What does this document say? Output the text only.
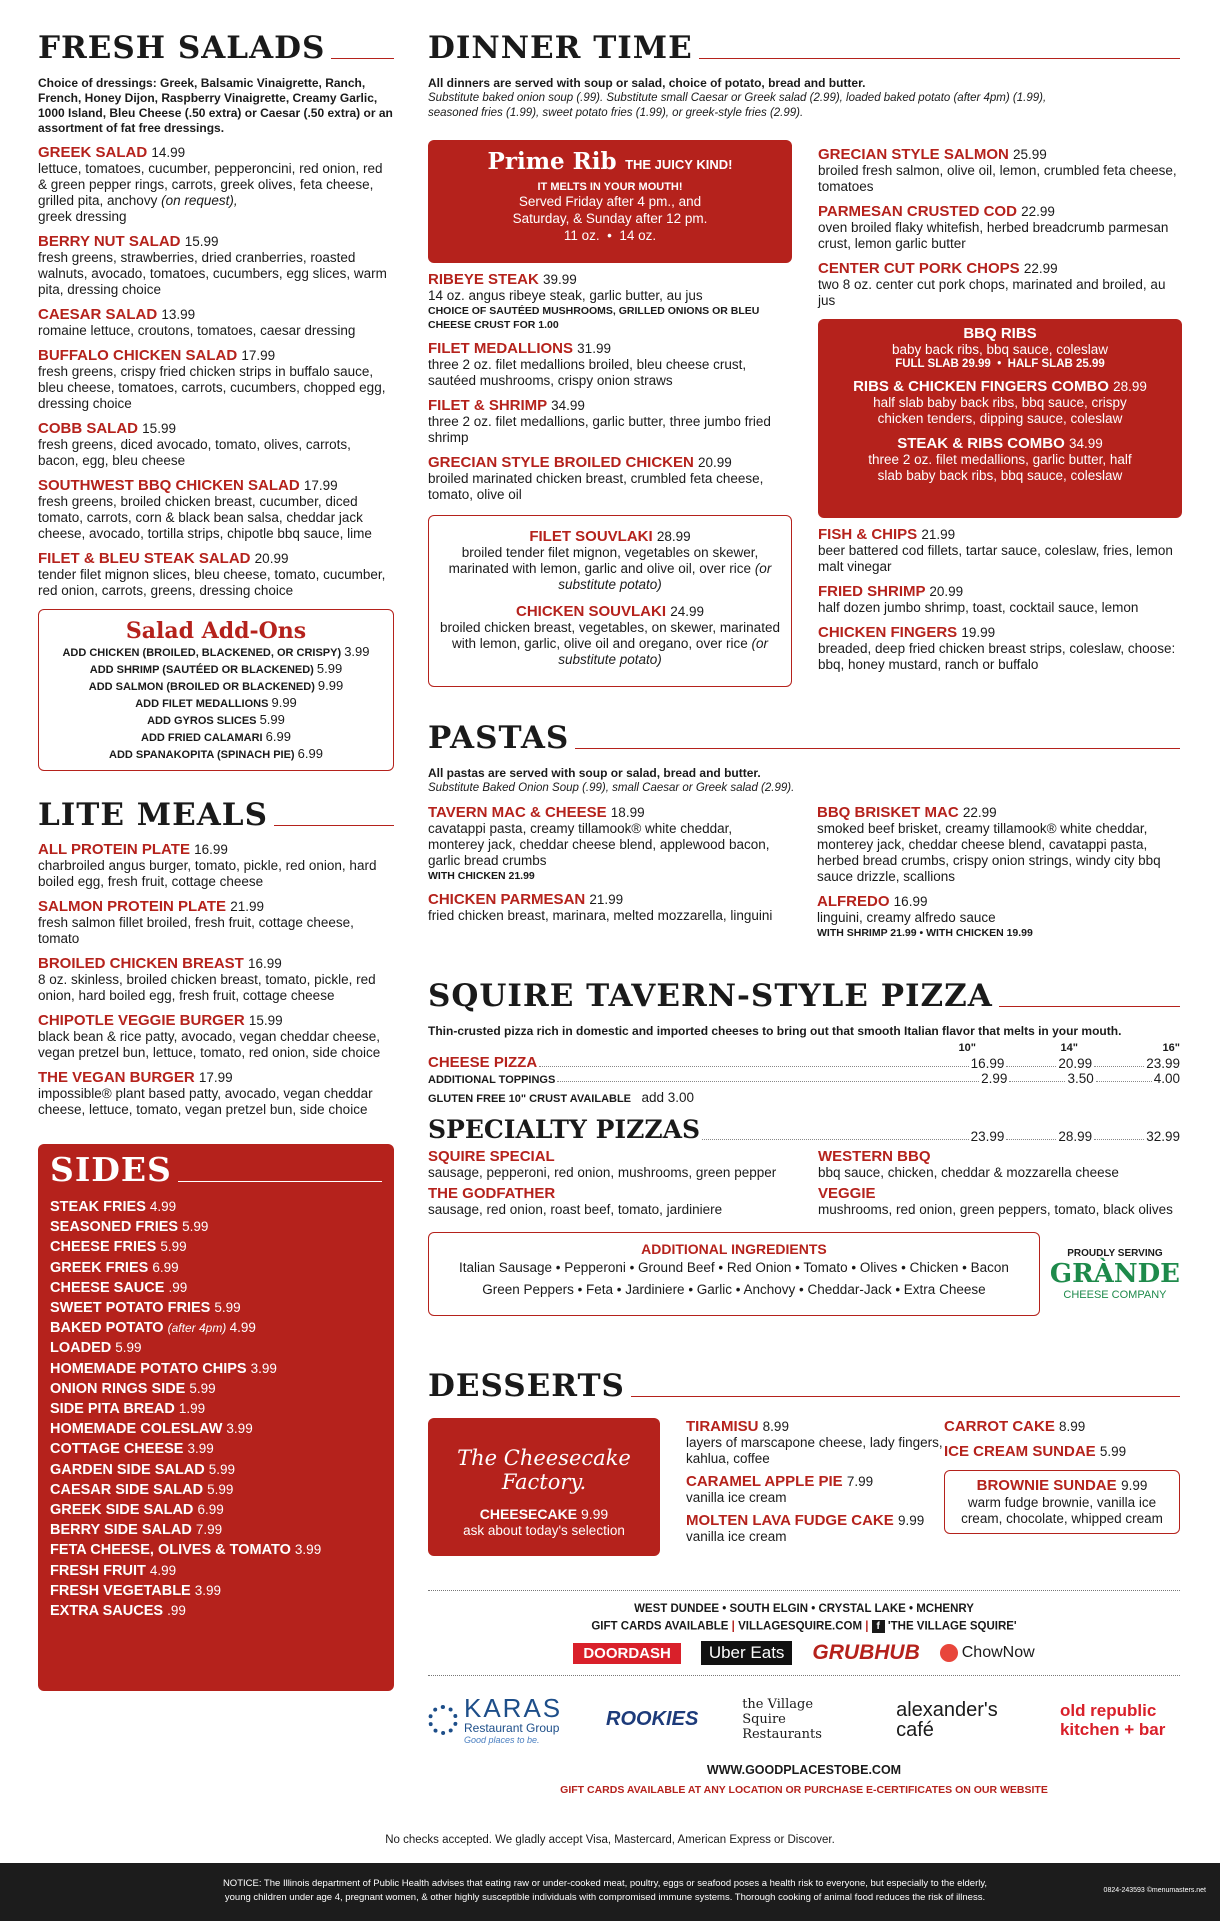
FRESH SALADS
Choice of dressings: Greek, Balsamic Vinaigrette, Ranch, French, Honey Dijon, Raspberry Vinaigrette, Creamy Garlic, 1000 Island, Bleu Cheese (.50 extra) or Caesar (.50 extra) or an assortment of fat free dressings.
GREEK SALAD 14.99
lettuce, tomatoes, cucumber, pepperoncini, red onion, red & green pepper rings, carrots, greek olives, feta cheese, grilled pita, anchovy (on request),
greek dressing
BERRY NUT SALAD 15.99
fresh greens, strawberries, dried cranberries, roasted walnuts, avocado, tomatoes, cucumbers, egg slices, warm pita, dressing choice
CAESAR SALAD 13.99
romaine lettuce, croutons, tomatoes, caesar dressing
BUFFALO CHICKEN SALAD 17.99
fresh greens, crispy fried chicken strips in buffalo sauce, bleu cheese, tomatoes, carrots, cucumbers, chopped egg, dressing choice
COBB SALAD 15.99
fresh greens, diced avocado, tomato, olives, carrots, bacon, egg, bleu cheese
SOUTHWEST BBQ CHICKEN SALAD 17.99
fresh greens, broiled chicken breast, cucumber, diced tomato, carrots, corn & black bean salsa, cheddar jack cheese, avocado, tortilla strips, chipotle bbq sauce, lime
FILET & BLEU STEAK SALAD 20.99
tender filet mignon slices, bleu cheese, tomato, cucumber, red onion, carrots, greens, dressing choice
Salad Add-Ons
ADD CHICKEN (BROILED, BLACKENED, OR CRISPY) 3.99
ADD SHRIMP (SAUTÉED OR BLACKENED) 5.99
ADD SALMON (BROILED OR BLACKENED) 9.99
ADD FILET MEDALLIONS 9.99
ADD GYROS SLICES 5.99
ADD FRIED CALAMARI 6.99
ADD SPANAKOPITA (SPINACH PIE) 6.99
LITE MEALS
ALL PROTEIN PLATE 16.99
charbroiled angus burger, tomato, pickle, red onion, hard boiled egg, fresh fruit, cottage cheese
SALMON PROTEIN PLATE 21.99
fresh salmon fillet broiled, fresh fruit, cottage cheese, tomato
BROILED CHICKEN BREAST 16.99
8 oz. skinless, broiled chicken breast, tomato, pickle, red onion, hard boiled egg, fresh fruit, cottage cheese
CHIPOTLE VEGGIE BURGER 15.99
black bean & rice patty, avocado, vegan cheddar cheese, vegan pretzel bun, lettuce, tomato, red onion, side choice
THE VEGAN BURGER 17.99
impossible® plant based patty, avocado, vegan cheddar cheese, lettuce, tomato, vegan pretzel bun, side choice
SIDES
STEAK FRIES 4.99
SEASONED FRIES 5.99
CHEESE FRIES 5.99
GREEK FRIES 6.99
CHEESE SAUCE .99
SWEET POTATO FRIES 5.99
BAKED POTATO (after 4pm) 4.99
LOADED 5.99
HOMEMADE POTATO CHIPS 3.99
ONION RINGS SIDE 5.99
SIDE PITA BREAD 1.99
HOMEMADE COLESLAW 3.99
COTTAGE CHEESE 3.99
GARDEN SIDE SALAD 5.99
CAESAR SIDE SALAD 5.99
GREEK SIDE SALAD 6.99
BERRY SIDE SALAD 7.99
FETA CHEESE, OLIVES & TOMATO 3.99
FRESH FRUIT 4.99
FRESH VEGETABLE 3.99
EXTRA SAUCES .99
DINNER TIME
All dinners are served with soup or salad, choice of potato, bread and butter.
Substitute baked onion soup (.99). Substitute small Caesar or Greek salad (2.99), loaded baked potato (after 4pm) (1.99), seasoned fries (1.99), sweet potato fries (1.99), or greek-style fries (2.99).
Prime Rib THE JUICY KIND!
IT MELTS IN YOUR MOUTH!
Served Friday after 4 pm., and
Saturday, & Sunday after 12 pm.
11 oz.  •  14 oz.
RIBEYE STEAK 39.99
14 oz. angus ribeye steak, garlic butter, au jus
CHOICE OF SAUTÉED MUSHROOMS, GRILLED ONIONS OR BLEU CHEESE CRUST FOR 1.00
FILET MEDALLIONS 31.99
three 2 oz. filet medallions broiled, bleu cheese crust, sautéed mushrooms, crispy onion straws
FILET & SHRIMP 34.99
three 2 oz. filet medallions, garlic butter, three jumbo fried shrimp
GRECIAN STYLE BROILED CHICKEN 20.99
broiled marinated chicken breast, crumbled feta cheese, tomato, olive oil
FILET SOUVLAKI 28.99
broiled tender filet mignon, vegetables on skewer, marinated with lemon, garlic and olive oil, over rice (or substitute potato)
CHICKEN SOUVLAKI 24.99
broiled chicken breast, vegetables, on skewer, marinated with lemon, garlic, olive oil and oregano, over rice (or substitute potato)
GRECIAN STYLE SALMON 25.99
broiled fresh salmon, olive oil, lemon, crumbled feta cheese, tomatoes
PARMESAN CRUSTED COD 22.99
oven broiled flaky whitefish, herbed breadcrumb parmesan crust, lemon garlic butter
CENTER CUT PORK CHOPS 22.99
two 8 oz. center cut pork chops, marinated and broiled, au jus
BBQ RIBS
baby back ribs, bbq sauce, coleslaw
FULL SLAB 29.99  •  HALF SLAB 25.99
RIBS & CHICKEN FINGERS COMBO 28.99
half slab baby back ribs, bbq sauce, crispy chicken tenders, dipping sauce, coleslaw
STEAK & RIBS COMBO 34.99
three 2 oz. filet medallions, garlic butter, half slab baby back ribs, bbq sauce, coleslaw
FISH & CHIPS 21.99
beer battered cod fillets, tartar sauce, coleslaw, fries, lemon malt vinegar
FRIED SHRIMP 20.99
half dozen jumbo shrimp, toast, cocktail sauce, lemon
CHICKEN FINGERS 19.99
breaded, deep fried chicken breast strips, coleslaw, choose: bbq, honey mustard, ranch or buffalo
PASTAS
All pastas are served with soup or salad, bread and butter.
Substitute Baked Onion Soup (.99), small Caesar or Greek salad (2.99).
TAVERN MAC & CHEESE 18.99
cavatappi pasta, creamy tillamook® white cheddar, monterey jack, cheddar cheese blend, applewood bacon, garlic bread crumbs
WITH CHICKEN 21.99
CHICKEN PARMESAN 21.99
fried chicken breast, marinara, melted mozzarella, linguini
BBQ BRISKET MAC 22.99
smoked beef brisket, creamy tillamook® white cheddar, monterey jack, cheddar cheese blend, cavatappi pasta, herbed bread crumbs, crispy onion strings, windy city bbq sauce drizzle, scallions
ALFREDO 16.99
linguini, creamy alfredo sauce
WITH SHRIMP 21.99 • WITH CHICKEN 19.99
SQUIRE TAVERN-STYLE PIZZA
Thin-crusted pizza rich in domestic and imported cheeses to bring out that smooth Italian flavor that melts in your mouth.
10"	14"	16"
CHEESE PIZZA	16.99	20.99	23.99
ADDITIONAL TOPPINGS	2.99	3.50	4.00
GLUTEN FREE 10" CRUST AVAILABLE add 3.00
SPECIALTY PIZZAS	23.99	28.99	32.99
SQUIRE SPECIAL
sausage, pepperoni, red onion, mushrooms, green pepper
WESTERN BBQ
bbq sauce, chicken, cheddar & mozzarella cheese
THE GODFATHER
sausage, red onion, roast beef, tomato, jardiniere
VEGGIE
mushrooms, red onion, green peppers, tomato, black olives
ADDITIONAL INGREDIENTS
Italian Sausage • Pepperoni • Ground Beef • Red Onion • Tomato • Olives • Chicken • Bacon
Green Peppers • Feta • Jardiniere • Garlic • Anchovy • Cheddar-Jack • Extra Cheese
PROUDLY SERVING
GRÀNDE
CHEESE COMPANY
DESSERTS
The Cheesecake Factory.
CHEESECAKE 9.99
ask about today's selection
TIRAMISU 8.99
layers of marscapone cheese, lady fingers, kahlua, coffee
CARAMEL APPLE PIE 7.99
vanilla ice cream
MOLTEN LAVA FUDGE CAKE 9.99
vanilla ice cream
CARROT CAKE 8.99
ICE CREAM SUNDAE 5.99
BROWNIE SUNDAE 9.99
warm fudge brownie, vanilla ice cream, chocolate, whipped cream
WEST DUNDEE • SOUTH ELGIN • CRYSTAL LAKE • MCHENRY
GIFT CARDS AVAILABLE | VILLAGESQUIRE.COM | f 'THE VILLAGE SQUIRE'
DOORDASH	Uber Eats	GRUBHUB	ChowNow
KARAS
Restaurant Group
Good places to be.
ROOKIES
the Village Squire Restaurants
alexander's café
old republic kitchen + bar
WWW.GOODPLACESTOBE.COM
GIFT CARDS AVAILABLE AT ANY LOCATION OR PURCHASE E-CERTIFICATES ON OUR WEBSITE
No checks accepted. We gladly accept Visa, Mastercard, American Express or Discover.
NOTICE: The Illinois department of Public Health advises that eating raw or under-cooked meat, poultry, eggs or seafood poses a health risk to everyone, but especially to the elderly,
young children under age 4, pregnant women, & other highly susceptible individuals with compromised immune systems. Thorough cooking of animal food reduces the risk of illness.
0824-243593 ©menumasters.net
